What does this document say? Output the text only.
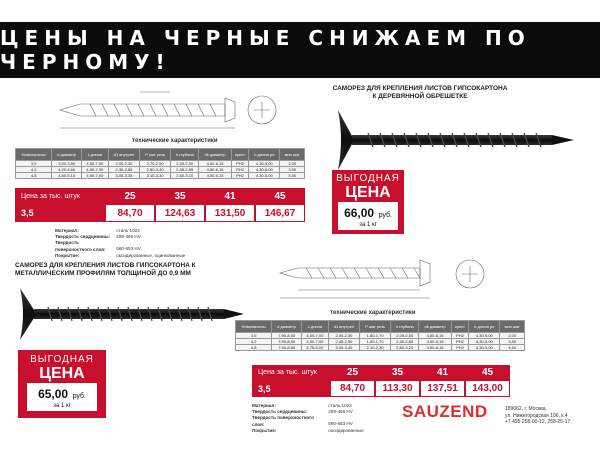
ЦЕНЫ НА ЧЕРНЫЕ СНИЖАЕМ ПО ЧЕРНОМУ!
технические характеристики
Номинальны	d диаметр	L длина	d1 внутрен	P шаг резь	h глубина	dk диаметр	крест	b длина ре	мин шаг
3,5	3,50-3,80	4,50-7,00	2,00-2,30	2,70-2,90	2,05-2,50	4,50-6,15	PH2	4,30-5,00	2,00
4,2	4,20-4,60	4,50-7,00	2,35-2,65	2,80-3,40	2,55-2,95	4,50-6,15	PH2	4,30-5,00	3,50
4,8	4,80-5,10	4,50-7,00	3,05-3,35	3,15-3,30	2,60-3,10	4,50-6,15	PH2	4,30-5,00	4,50
Цена за тыс. штук	25	35	41	45
3,5	84,70	124,63	131,50	146,67
Материал:	сталь 1022
Твердость сердцевины: 289-466 HV
Твердость поверхностного слоя: 560-653 HV
Покрытие:	оксидированные, оцинкованные
САМОРЕЗ ДЛЯ КРЕПЛЕНИЯ ЛИСТОВ ГИПСОКАРТОНА К ДЕРЕВЯННОЙ ОБРЕШЕТКЕ
ВЫГОДНАЯ
ЦЕНА
66,00 руб.
за 1 кг
САМОРЕЗ ДЛЯ КРЕПЛЕНИЯ ЛИСТОВ ГИПСОКАРТОНА К МЕТАЛЛИЧЕСКИМ ПРОФИЛЯМ ТОЛЩИНОЙ ДО 0,9 ММ
технические характеристики
Номинальны	d диаметр	L длина	d1 внутрен	P шаг резь	h глубина	dk диаметр	крест	b длина ре	мин шаг
3,5	7,90-8,50	4,50-7,00	2,00-2,30	1,60-1,70	2,05-2,50	4,50-6,15	PH2	4,30-5,00	2,00
4,2	7,90-8,50	4,50-7,00	2,45-2,90	1,60-1,70	2,30-2,65	4,50-6,15	PH2	4,30-5,00	3,50
4,8	7,90-8,50	4,75-5,00	3,00-3,40	2,10-2,30	2,60-3,20	4,50-6,15	PH2	4,30-5,00	4,50
Цена за тыс. штук	25	35	41	45
3,5	84,70	113,30	137,51	143,00
Материал:	сталь 1022
Твердость сердцевины:	289-466 HV
Твердость поверхностного слоя:	560-653 HV
Покрытие:	оксидированные
ВЫГОДНАЯ
ЦЕНА
65,00 руб.
за 1 кг	SAUZEND	189062, г. Москва,
ул. Нижегородская 106, к.4
+7 495 258-00-12, 258-25-17
